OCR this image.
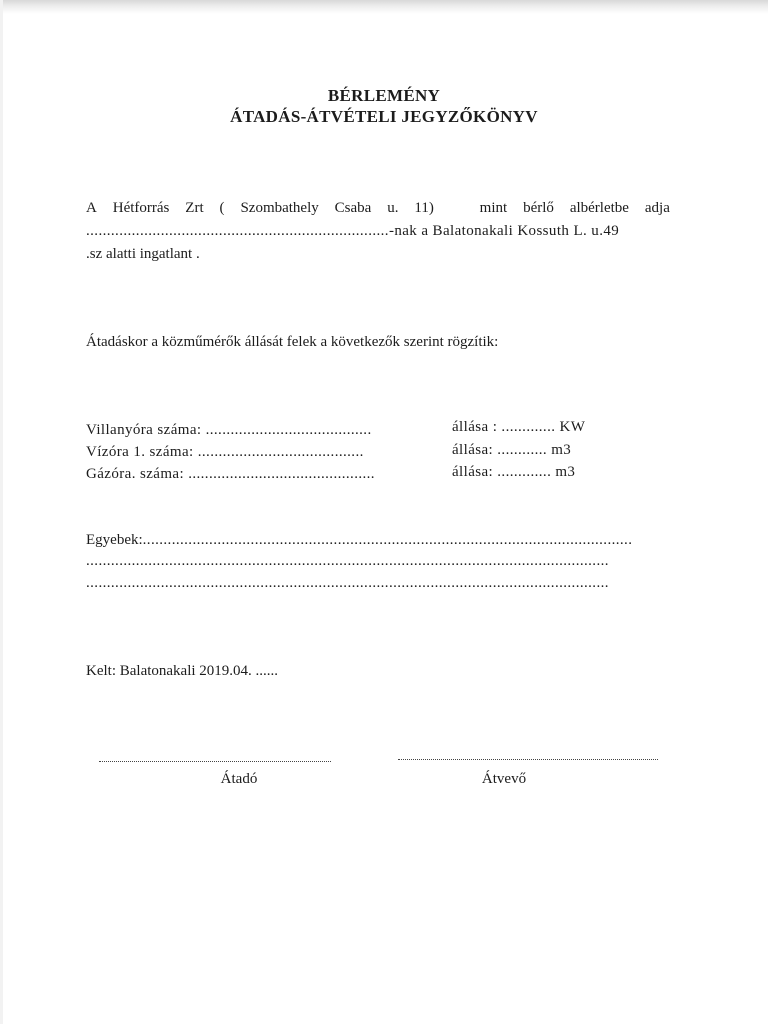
BÉRLEMÉNY
ÁTADÁS-ÁTVÉTELI JEGYZŐKÖNYV
A Hétforrás Zrt ( Szombathely Csaba u. 11)	mint bérlő albérletbe adja
.........................................................................-nak a Balatonakali Kossuth L. u.49
.sz alatti ingatlant .
Átadáskor a közműmérők állását felek a következők szerint rögzítik:
Villanyóra száma: ........................................	állása : ............. KW
Vízóra 1. száma: ........................................	állása: ............ m3
Gázóra. száma: .............................................	állása: ............. m3
Egyebek:......................................................................................................................
..............................................................................................................................
..............................................................................................................................
Kelt: Balatonakali 2019.04. ......
Átadó	Átvevő
